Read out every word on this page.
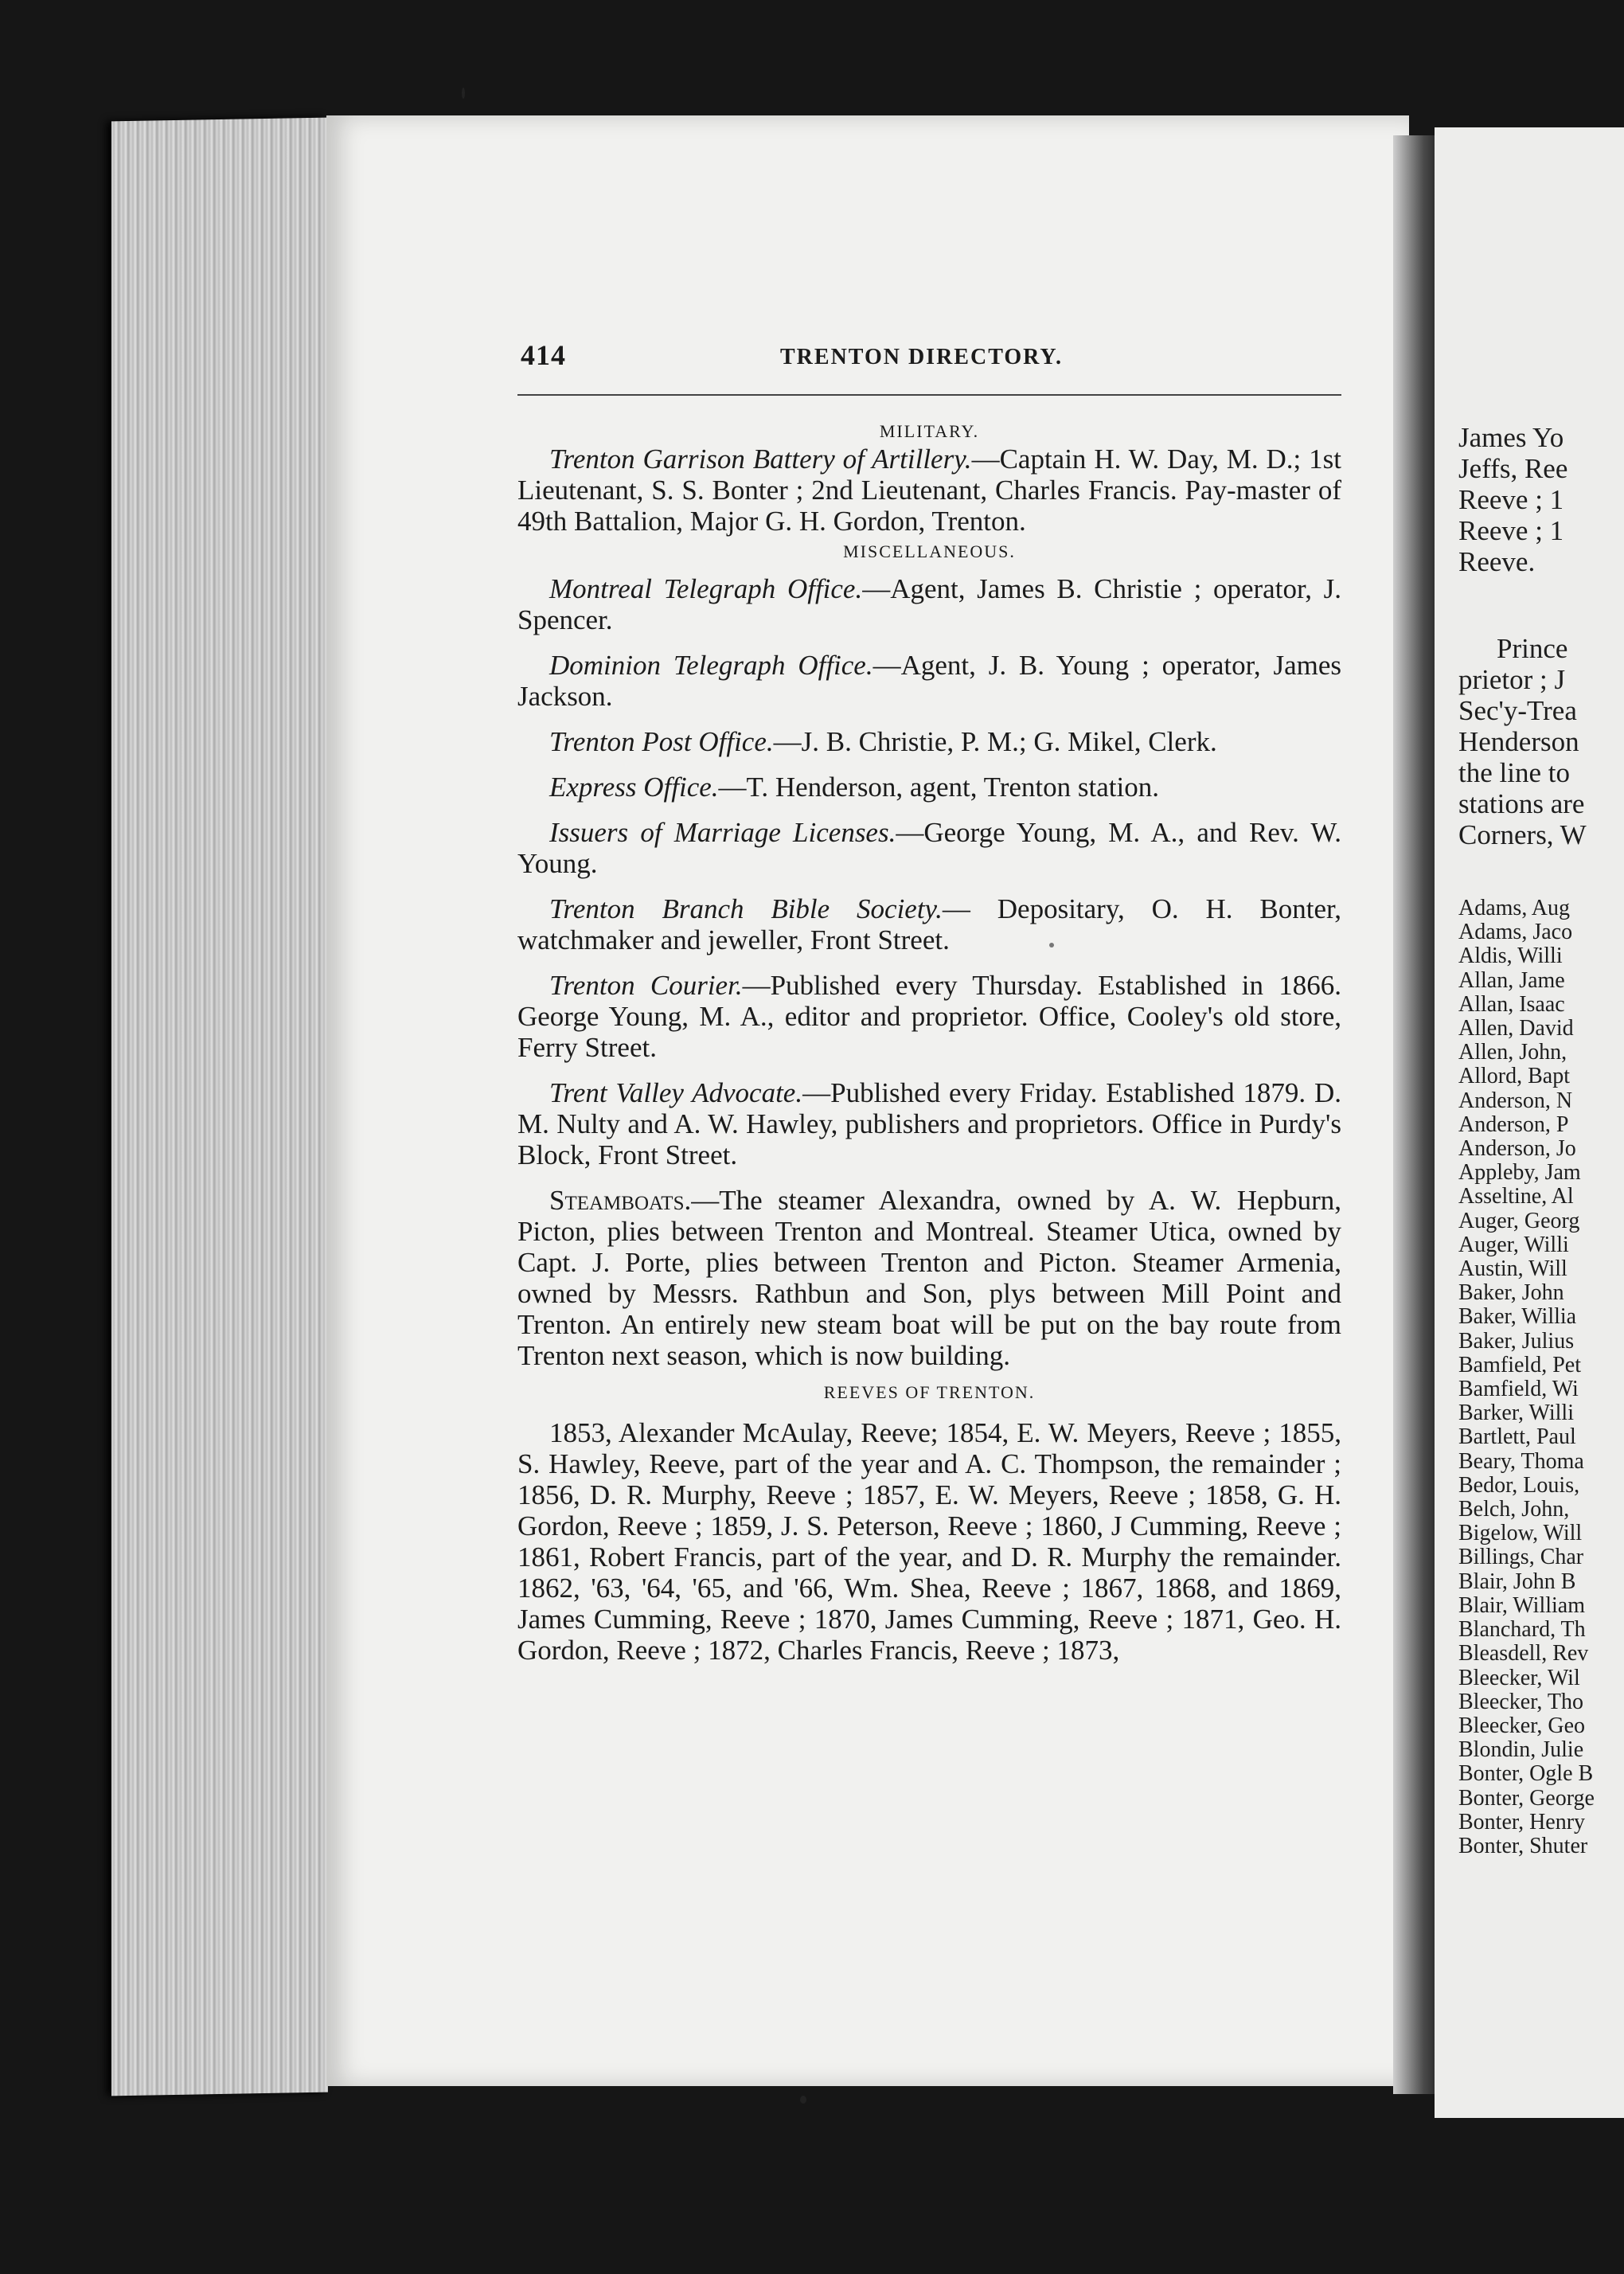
James Yo
Jeffs, Ree
Reeve ; 1
Reeve ; 1
Reeve.
Prince
prietor ; J
Sec'y-Trea
Henderson
the line to
stations are
Corners, W
Adams, Aug
Adams, Jaco
Aldis, Willi
Allan, Jame
Allan, Isaac
Allen, David
Allen, John,
Allord, Bapt
Anderson, N
Anderson, P
Anderson, Jo
Appleby, Jam
Asseltine, Al
Auger, Georg
Auger, Willi
Austin, Will
Baker, John
Baker, Willia
Baker, Julius
Bamfield, Pet
Bamfield, Wi
Barker, Willi
Bartlett, Paul
Beary, Thoma
Bedor, Louis,
Belch, John,
Bigelow, Will
Billings, Char
Blair, John B
Blair, William
Blanchard, Th
Bleasdell, Rev
Bleecker, Wil
Bleecker, Tho
Bleecker, Geo
Blondin, Julie
Bonter, Ogle B
Bonter, George
Bonter, Henry
Bonter, Shuter
414	TRENTON DIRECTORY.

MILITARY.

Trenton Garrison Battery of Artillery.—Captain H. W. Day, M. D.; 1st Lieutenant, S. S. Bonter ; 2nd Lieutenant, Charles Francis. Pay-master of 49th Battalion, Major G. H. Gordon, Trenton.

MISCELLANEOUS.

Montreal Telegraph Office.—Agent, James B. Christie ; operator, J. Spencer.

Dominion Telegraph Office.—Agent, J. B. Young ; operator, James Jackson.

Trenton Post Office.—J. B. Christie, P. M.; G. Mikel, Clerk.

Express Office.—T. Henderson, agent, Trenton station.

Issuers of Marriage Licenses.—George Young, M. A., and Rev. W. Young.

Trenton Branch Bible Society.— Depositary, O. H. Bonter, watchmaker and jeweller, Front Street.

Trenton Courier.—Published every Thursday. Established in 1866. George Young, M. A., editor and proprietor. Office, Cooley's old store, Ferry Street.

Trent Valley Advocate.—Published every Friday. Established 1879. D. M. Nulty and A. W. Hawley, publishers and proprietors. Office in Purdy's Block, Front Street.

Steamboats.—The steamer Alexandra, owned by A. W. Hepburn, Picton, plies between Trenton and Montreal. Steamer Utica, owned by Capt. J. Porte, plies between Trenton and Picton. Steamer Armenia, owned by Messrs. Rathbun and Son, plys between Mill Point and Trenton. An entirely new steam boat will be put on the bay route from Trenton next season, which is now building.

REEVES OF TRENTON.

1853, Alexander McAulay, Reeve; 1854, E. W. Meyers, Reeve ; 1855, S. Hawley, Reeve, part of the year and A. C. Thompson, the remainder ; 1856, D. R. Murphy, Reeve ; 1857, E. W. Meyers, Reeve ; 1858, G. H. Gordon, Reeve ; 1859, J. S. Peterson, Reeve ; 1860, J Cumming, Reeve ; 1861, Robert Francis, part of the year, and D. R. Murphy the remainder. 1862, '63, '64, '65, and '66, Wm. Shea, Reeve ; 1867, 1868, and 1869, James Cumming, Reeve ; 1870, James Cumming, Reeve ; 1871, Geo. H. Gordon, Reeve ; 1872, Charles Francis, Reeve ; 1873,
